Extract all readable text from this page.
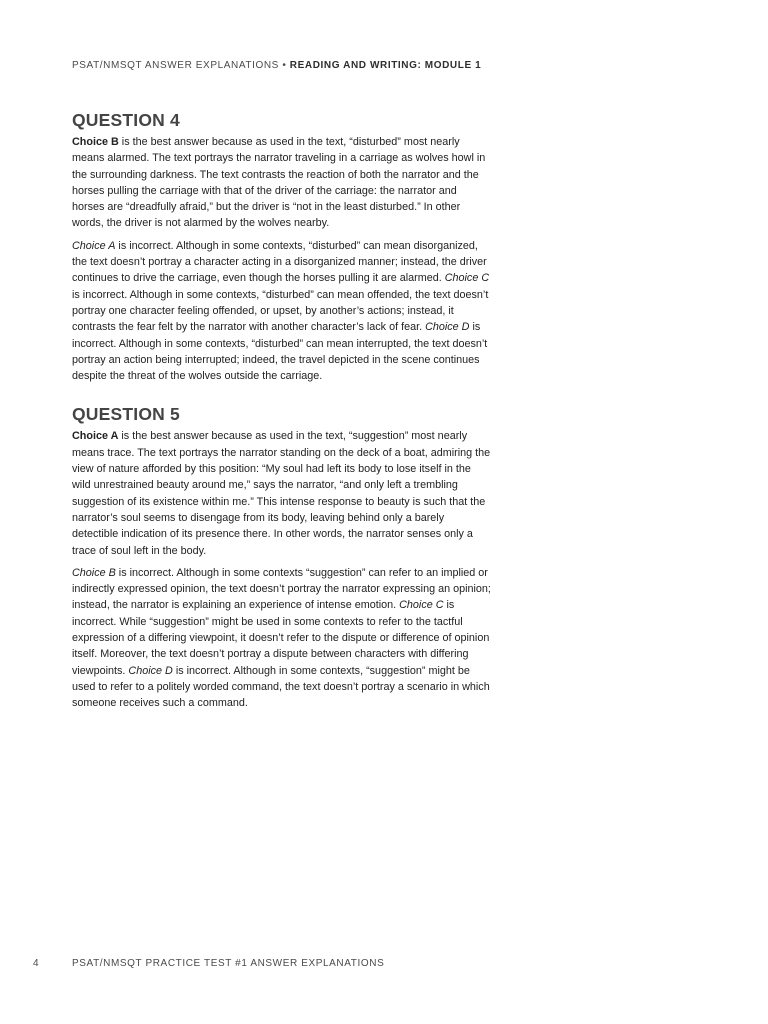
PSAT/NMSQT ANSWER EXPLANATIONS • READING AND WRITING: MODULE 1
QUESTION 4

Choice B is the best answer because as used in the text, “disturbed” most nearly means alarmed. The text portrays the narrator traveling in a carriage as wolves howl in the surrounding darkness. The text contrasts the reaction of both the narrator and the horses pulling the carriage with that of the driver of the carriage: the narrator and horses are “dreadfully afraid,” but the driver is “not in the least disturbed.” In other words, the driver is not alarmed by the wolves nearby.

Choice A is incorrect. Although in some contexts, “disturbed” can mean disorganized, the text doesn’t portray a character acting in a disorganized manner; instead, the driver continues to drive the carriage, even though the horses pulling it are alarmed. Choice C is incorrect. Although in some contexts, “disturbed” can mean offended, the text doesn’t portray one character feeling offended, or upset, by another’s actions; instead, it contrasts the fear felt by the narrator with another character’s lack of fear. Choice D is incorrect. Although in some contexts, “disturbed” can mean interrupted, the text doesn’t portray an action being interrupted; indeed, the travel depicted in the scene continues despite the threat of the wolves outside the carriage.

QUESTION 5

Choice A is the best answer because as used in the text, “suggestion” most nearly means trace. The text portrays the narrator standing on the deck of a boat, admiring the view of nature afforded by this position: “My soul had left its body to lose itself in the wild unrestrained beauty around me,” says the narrator, “and only left a trembling suggestion of its existence within me.” This intense response to beauty is such that the narrator’s soul seems to disengage from its body, leaving behind only a barely detectible indication of its presence there. In other words, the narrator senses only a trace of soul left in the body.

Choice B is incorrect. Although in some contexts “suggestion” can refer to an implied or indirectly expressed opinion, the text doesn’t portray the narrator expressing an opinion; instead, the narrator is explaining an experience of intense emotion. Choice C is incorrect. While “suggestion” might be used in some contexts to refer to the tactful expression of a differing viewpoint, it doesn’t refer to the dispute or difference of opinion itself. Moreover, the text doesn’t portray a dispute between characters with differing viewpoints. Choice D is incorrect. Although in some contexts, “suggestion” might be used to refer to a politely worded command, the text doesn’t portray a scenario in which someone receives such a command.

4	PSAT/NMSQT PRACTICE TEST #1 ANSWER EXPLANATIONS
